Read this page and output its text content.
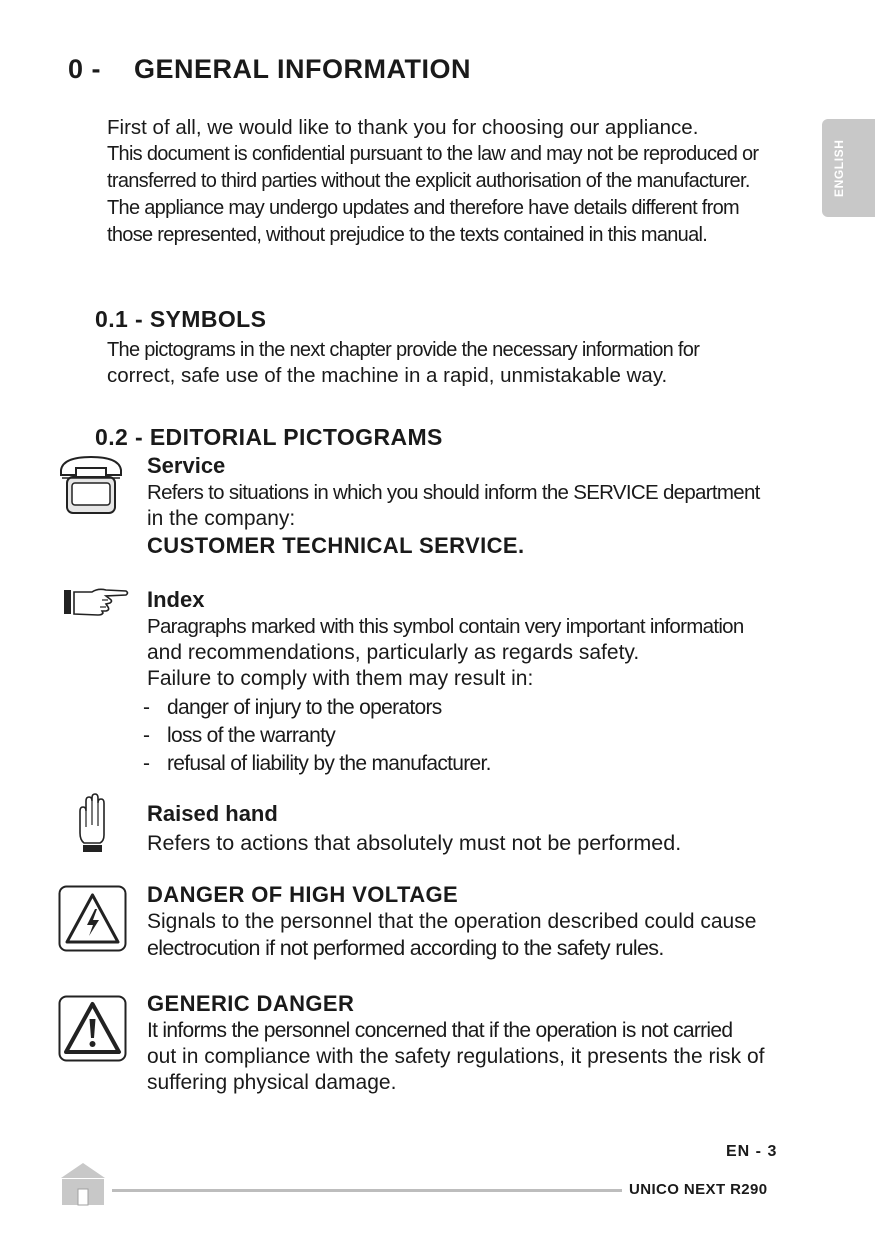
ENGLISH
0 - GENERAL INFORMATION
First of all, we would like to thank you for choosing our appliance.
This document is confidential pursuant to the law and may not be reproduced or
transferred to third parties without the explicit authorisation of the manufacturer.
The appliance may undergo updates and therefore have details different from
those represented, without prejudice to the texts contained in this manual.
0.1 - SYMBOLS
The pictograms in the next chapter provide the necessary information for
correct, safe use of the machine in a rapid, unmistakable way.
0.2 - EDITORIAL PICTOGRAMS
Service
Refers to situations in which you should inform the SERVICE department
in the company:
CUSTOMER TECHNICAL SERVICE.
Index
Paragraphs marked with this symbol contain very important information
and recommendations, particularly as regards safety.
Failure to comply with them may result in:
- danger of injury to the operators
- loss of the warranty
- refusal of liability by the manufacturer.
Raised hand
Refers to actions that absolutely must not be performed.
DANGER OF HIGH VOLTAGE
Signals to the personnel that the operation described could cause
electrocution if not performed according to the safety rules.
GENERIC DANGER
It informs the personnel concerned that if the operation is not carried
out in compliance with the safety regulations, it presents the risk of
suffering physical damage.
EN - 3
UNICO NEXT R290
